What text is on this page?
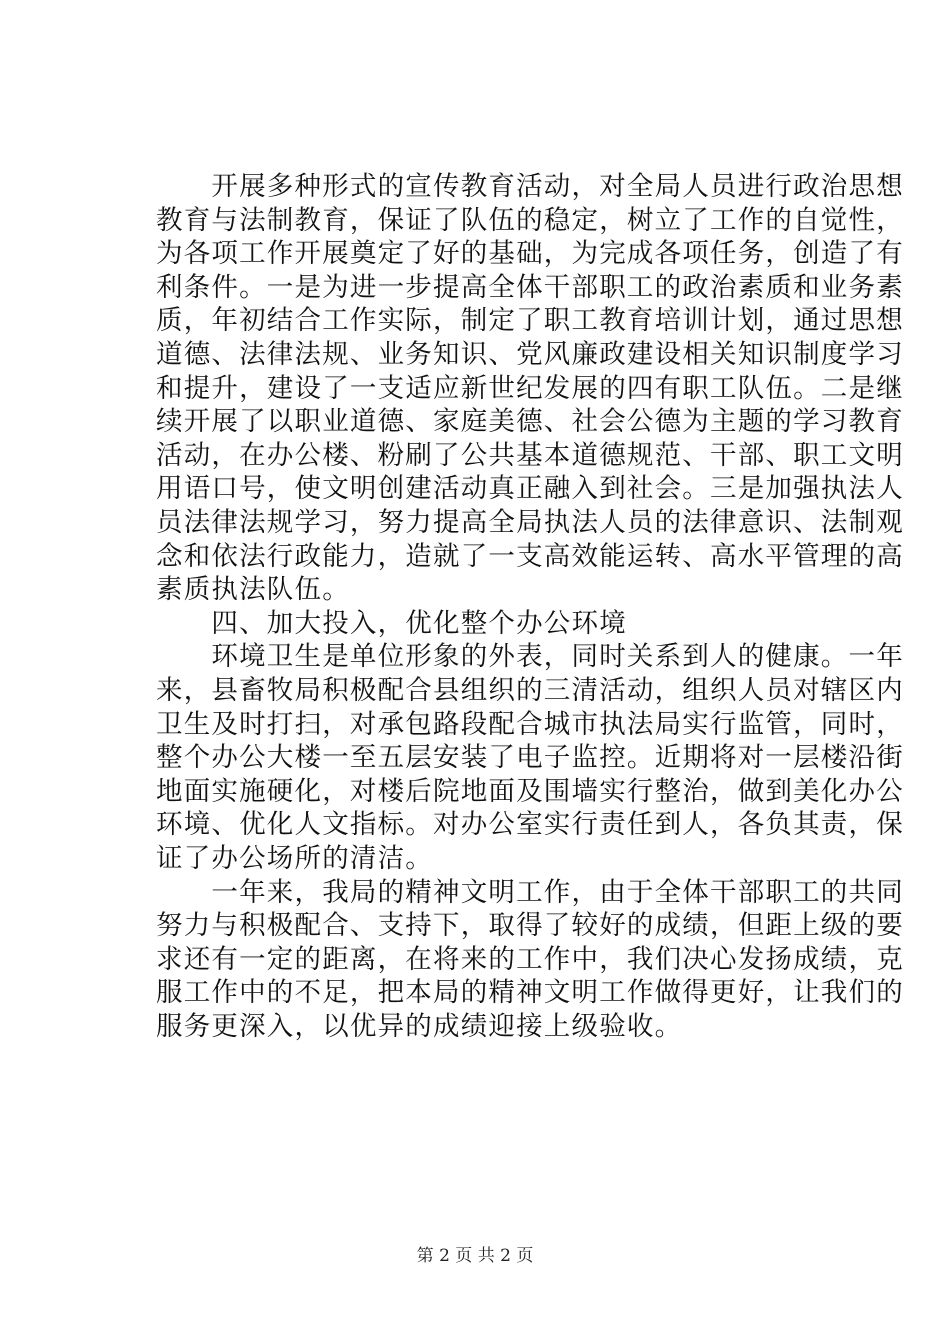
　　开展多种形式的宣传教育活动，对全局人员进行政治思想
教育与法制教育，保证了队伍的稳定，树立了工作的自觉性，
为各项工作开展奠定了好的基础，为完成各项任务，创造了有
利条件。一是为进一步提高全体干部职工的政治素质和业务素
质，年初结合工作实际，制定了职工教育培训计划，通过思想
道德、法律法规、业务知识、党风廉政建设相关知识制度学习
和提升，建设了一支适应新世纪发展的四有职工队伍。二是继
续开展了以职业道德、家庭美德、社会公德为主题的学习教育
活动，在办公楼、粉刷了公共基本道德规范、干部、职工文明
用语口号，使文明创建活动真正融入到社会。三是加强执法人
员法律法规学习，努力提高全局执法人员的法律意识、法制观
念和依法行政能力，造就了一支高效能运转、高水平管理的高
素质执法队伍。
　　四、加大投入，优化整个办公环境
　　环境卫生是单位形象的外表，同时关系到人的健康。一年
来，县畜牧局积极配合县组织的三清活动，组织人员对辖区内
卫生及时打扫，对承包路段配合城市执法局实行监管，同时，
整个办公大楼一至五层安装了电子监控。近期将对一层楼沿街
地面实施硬化，对楼后院地面及围墙实行整治，做到美化办公
环境、优化人文指标。对办公室实行责任到人，各负其责，保
证了办公场所的清洁。
　　一年来，我局的精神文明工作，由于全体干部职工的共同
努力与积极配合、支持下，取得了较好的成绩，但距上级的要
求还有一定的距离，在将来的工作中，我们决心发扬成绩，克
服工作中的不足，把本局的精神文明工作做得更好，让我们的
服务更深入，以优异的成绩迎接上级验收。
第 2 页 共 2 页
